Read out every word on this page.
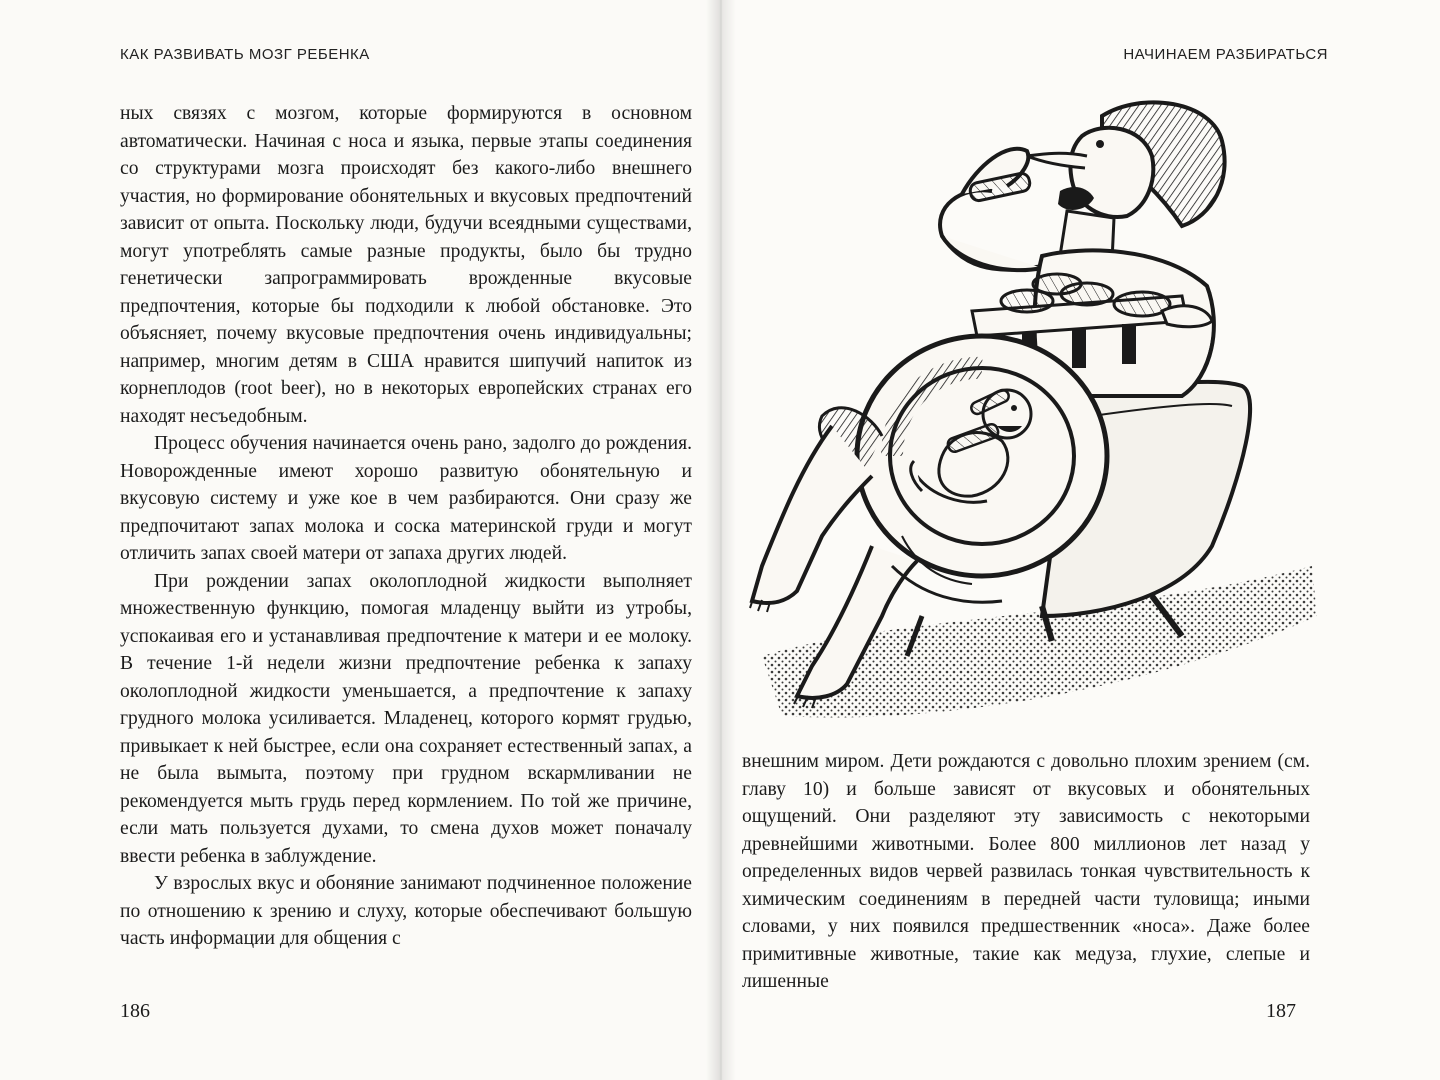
КАК РАЗВИВАТЬ МОЗГ РЕБЕНКА

ных связях с мозгом, которые формируются в основном автоматически. Начиная с носа и языка, первые этапы соединения со структурами мозга происходят без какого-либо внешнего участия, но формирование обонятельных и вкусовых предпочтений зависит от опыта. Поскольку люди, будучи всеядными существами, могут употреблять самые разные продукты, было бы трудно генетически запрограммировать врожденные вкусовые предпочтения, которые бы подходили к любой обстановке. Это объясняет, почему вкусовые предпочтения очень индивидуальны; например, многим детям в США нравится шипучий напиток из корнеплодов (root beer), но в некоторых европейских странах его находят несъедобным.

Процесс обучения начинается очень рано, задолго до рождения. Новорожденные имеют хорошо развитую обонятельную и вкусовую систему и уже кое в чем разбираются. Они сразу же предпочитают запах молока и соска материнской груди и могут отличить запах своей матери от запаха других людей.

При рождении запах околоплодной жидкости выполняет множественную функцию, помогая младенцу выйти из утробы, успокаивая его и устанавливая предпочтение к матери и ее молоку. В течение 1-й недели жизни предпочтение ребенка к запаху околоплодной жидкости уменьшается, а предпочтение к запаху грудного молока усиливается. Младенец, которого кормят грудью, привыкает к ней быстрее, если она сохраняет естественный запах, а не была вымыта, поэтому при грудном вскармливании не рекомендуется мыть грудь перед кормлением. По той же причине, если мать пользуется духами, то смена духов может поначалу ввести ребенка в заблуждение.

У взрослых вкус и обоняние занимают подчиненное положение по отношению к зрению и слуху, которые обеспечивают большую часть информации для общения с

186
НАЧИНАЕМ РАЗБИРАТЬСЯ

внешним миром. Дети рождаются с довольно плохим зрением (см. главу 10) и больше зависят от вкусовых и обонятельных ощущений. Они разделяют эту зависимость с некоторыми древнейшими животными. Более 800 миллионов лет назад у определенных видов червей развилась тонкая чувствительность к химическим соединениям в передней части туловища; иными словами, у них появился предшественник «носа». Даже более примитивные животные, такие как медуза, глухие, слепые и лишенные

187
